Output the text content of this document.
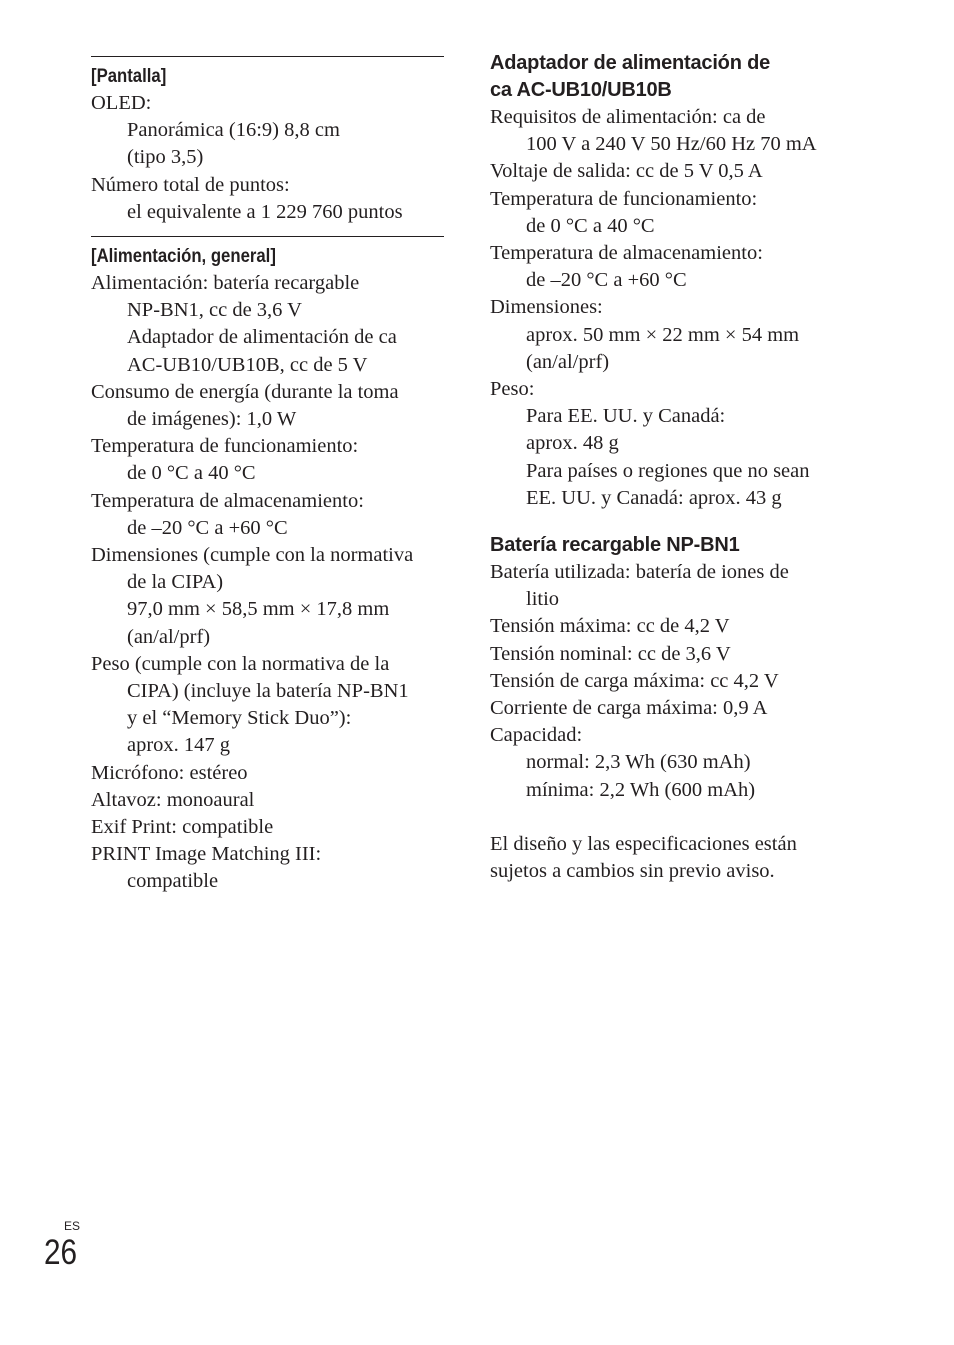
[Pantalla]
OLED:
Panorámica (16:9) 8,8 cm
(tipo 3,5)
Número total de puntos:
el equivalente a 1 229 760 puntos
[Alimentación, general]
Alimentación: batería recargable
NP-BN1, cc de 3,6 V
Adaptador de alimentación de ca
AC-UB10/UB10B, cc de 5 V
Consumo de energía (durante la toma
de imágenes): 1,0 W
Temperatura de funcionamiento:
de 0 °C a 40 °C
Temperatura de almacenamiento:
de –20 °C a +60 °C
Dimensiones (cumple con la normativa
de la CIPA)
97,0 mm × 58,5 mm × 17,8 mm
(an/al/prf)
Peso (cumple con la normativa de la
CIPA) (incluye la batería NP-BN1
y el “Memory Stick Duo”):
aprox. 147 g
Micrófono: estéreo
Altavoz: monoaural
Exif Print: compatible
PRINT Image Matching III:
compatible
Adaptador de alimentación de
ca AC-UB10/UB10B
Requisitos de alimentación: ca de
100 V a 240 V 50 Hz/60 Hz 70 mA
Voltaje de salida: cc de 5 V 0,5 A
Temperatura de funcionamiento:
de 0 °C a 40 °C
Temperatura de almacenamiento:
de –20 °C a +60 °C
Dimensiones:
aprox. 50 mm × 22 mm × 54 mm
(an/al/prf)
Peso:
Para EE. UU. y Canadá:
aprox. 48 g
Para países o regiones que no sean
EE. UU. y Canadá: aprox. 43 g
Batería recargable NP-BN1
Batería utilizada: batería de iones de
litio
Tensión máxima: cc de 4,2 V
Tensión nominal: cc de 3,6 V
Tensión de carga máxima: cc 4,2 V
Corriente de carga máxima: 0,9 A
Capacidad:
normal: 2,3 Wh (630 mAh)
mínima: 2,2 Wh (600 mAh)
El diseño y las especificaciones están
sujetos a cambios sin previo aviso.
ES
26
